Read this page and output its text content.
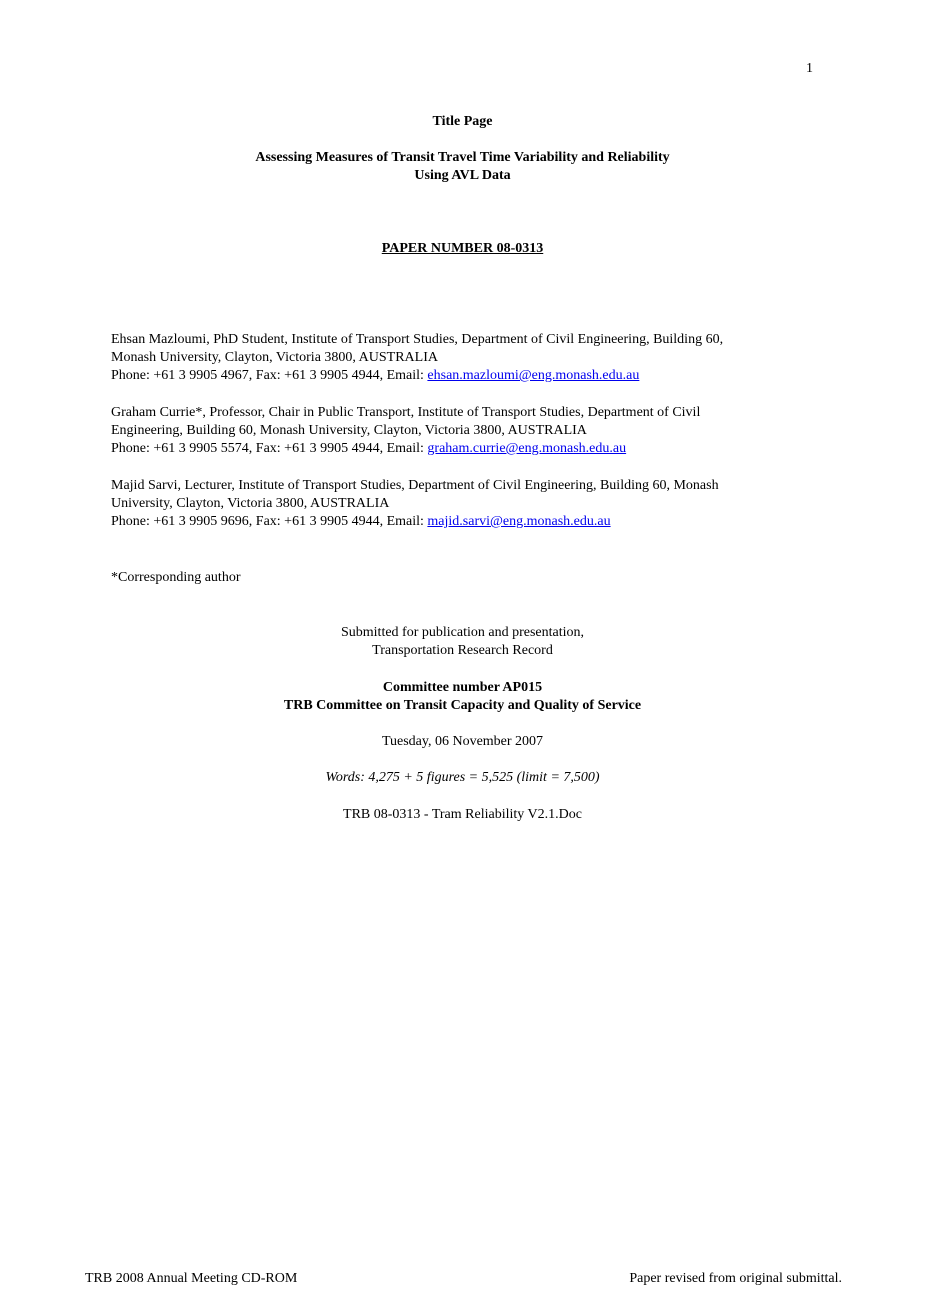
1
Title Page
Assessing Measures of Transit Travel Time Variability and Reliability
Using AVL Data
PAPER NUMBER 08-0313
Ehsan Mazloumi, PhD Student, Institute of Transport Studies, Department of Civil Engineering, Building 60,
Monash University, Clayton, Victoria 3800, AUSTRALIA
Phone: +61 3 9905 4967, Fax: +61 3 9905 4944, Email: ehsan.mazloumi@eng.monash.edu.au
Graham Currie*, Professor, Chair in Public Transport, Institute of Transport Studies, Department of Civil
Engineering, Building 60, Monash University, Clayton, Victoria 3800, AUSTRALIA
Phone: +61 3 9905 5574, Fax: +61 3 9905 4944, Email: graham.currie@eng.monash.edu.au
Majid Sarvi, Lecturer, Institute of Transport Studies, Department of Civil Engineering, Building 60, Monash
University, Clayton, Victoria 3800, AUSTRALIA
Phone: +61 3 9905 9696, Fax: +61 3 9905 4944, Email: majid.sarvi@eng.monash.edu.au
*Corresponding author
Submitted for publication and presentation,
Transportation Research Record
Committee number AP015
TRB Committee on Transit Capacity and Quality of Service
Tuesday, 06 November 2007
Words: 4,275 + 5 figures = 5,525 (limit = 7,500)
TRB 08-0313 - Tram Reliability V2.1.Doc
TRB 2008 Annual Meeting CD-ROM	Paper revised from original submittal.
